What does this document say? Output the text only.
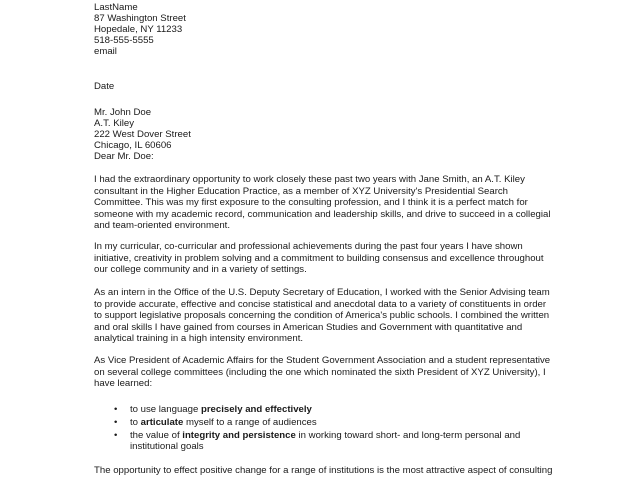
LastName
87 Washington Street
Hopedale, NY 11233
518-555-5555
email
Date
Mr. John Doe
A.T. Kiley
222 West Dover Street
Chicago, IL 60606
Dear Mr. Doe:
I had the extraordinary opportunity to work closely these past two years with Jane Smith, an A.T. Kiley
consultant in the Higher Education Practice, as a member of XYZ University's Presidential Search
Committee. This was my first exposure to the consulting profession, and I think it is a perfect match for
someone with my academic record, communication and leadership skills, and drive to succeed in a collegial
and team-oriented environment.
In my curricular, co-curricular and professional achievements during the past four years I have shown
initiative, creativity in problem solving and a commitment to building consensus and excellence throughout
our college community and in a variety of settings.
As an intern in the Office of the U.S. Deputy Secretary of Education, I worked with the Senior Advising team
to provide accurate, effective and concise statistical and anecdotal data to a variety of constituents in order
to support legislative proposals concerning the condition of America's public schools. I combined the written
and oral skills I have gained from courses in American Studies and Government with quantitative and
analytical training in a high intensity environment.
As Vice President of Academic Affairs for the Student Government Association and a student representative
on several college committees (including the one which nominated the sixth President of XYZ University), I
have learned:
• to use language precisely and effectively
• to articulate myself to a range of audiences
• the value of integrity and persistence in working toward short- and long-term personal and
institutional goals
The opportunity to effect positive change for a range of institutions is the most attractive aspect of consulting
